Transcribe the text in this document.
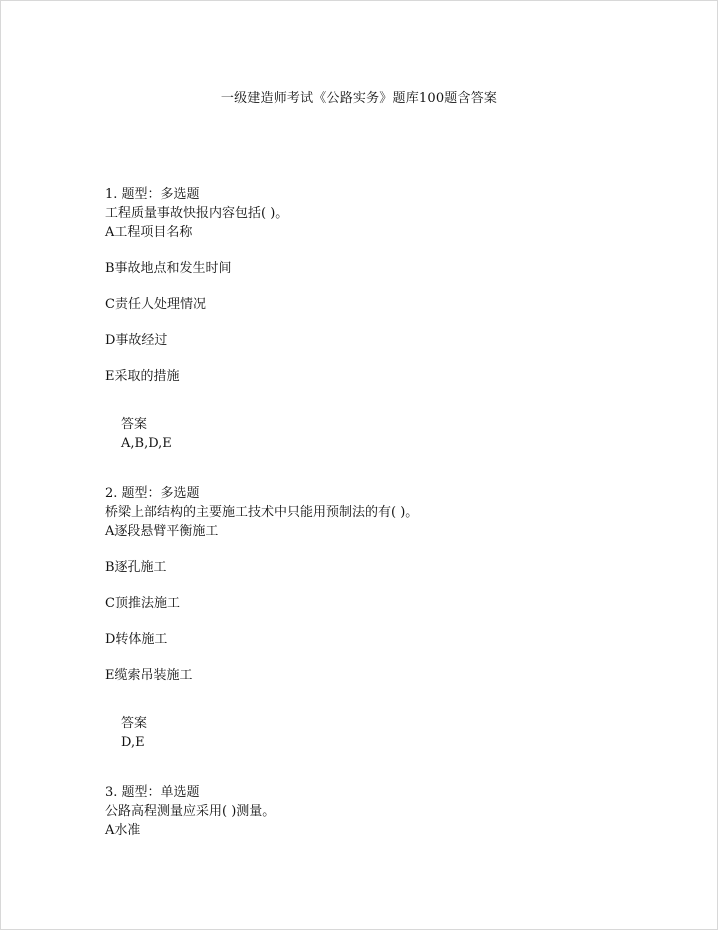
一级建造师考试《公路实务》题库100题含答案

1. 题型：多选题

工程质量事故快报内容包括( )。

A工程项目名称

B事故地点和发生时间

C责任人处理情况

D事故经过

E采取的措施

答案

A,B,D,E

2. 题型：多选题

桥梁上部结构的主要施工技术中只能用预制法的有( )。

A逐段悬臂平衡施工

B逐孔施工

C顶推法施工

D转体施工

E缆索吊装施工

答案

D,E

3. 题型：单选题

公路高程测量应采用( )测量。

A水准
